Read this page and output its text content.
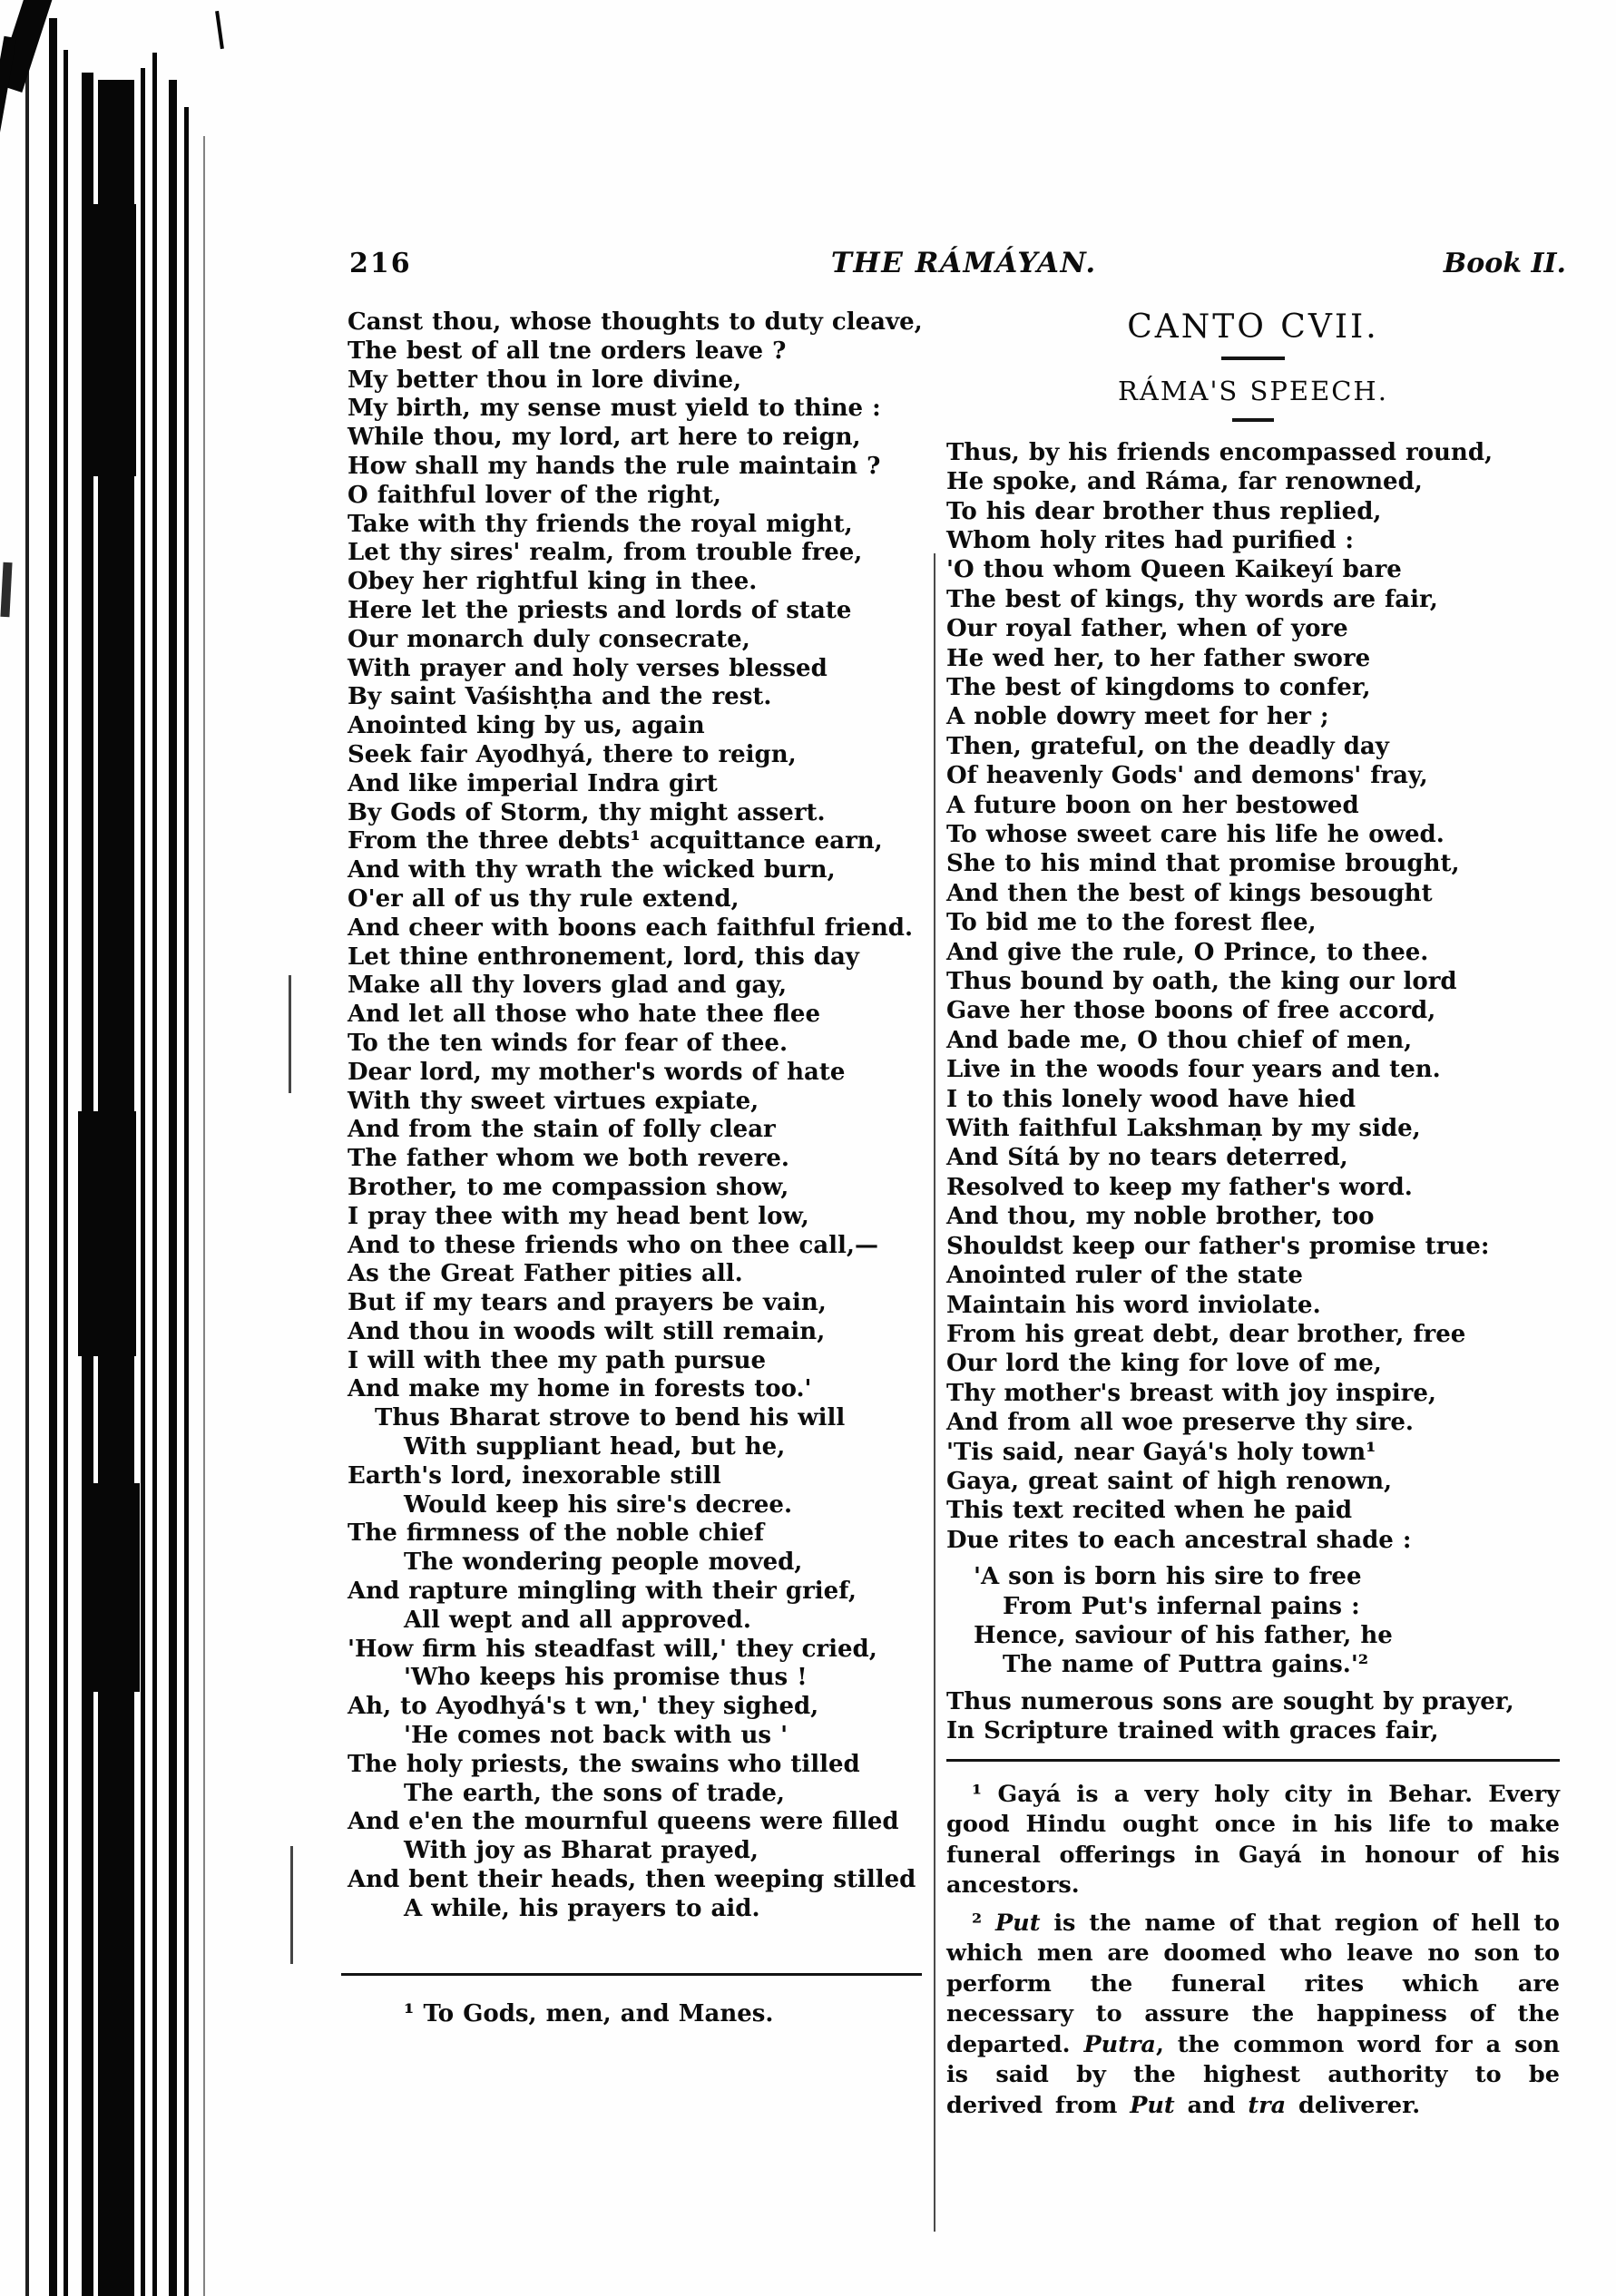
216	THE RÁMÁYAN.	Book II.
Canst thou, whose thoughts to duty cleave,
The best of all tne orders leave ?
My better thou in lore divine,
My birth, my sense must yield to thine :
While thou, my lord, art here to reign,
How shall my hands the rule maintain ?
O faithful lover of the right,
Take with thy friends the royal might,
Let thy sires' realm, from trouble free,
Obey her rightful king in thee.
Here let the priests and lords of state
Our monarch duly consecrate,
With prayer and holy verses blessed
By saint Vaśishṭha and the rest.
Anointed king by us, again
Seek fair Ayodhyá, there to reign,
And like imperial Indra girt
By Gods of Storm, thy might assert.
From the three debts¹ acquittance earn,
And with thy wrath the wicked burn,
O'er all of us thy rule extend,
And cheer with boons each faithful friend.
Let thine enthronement, lord, this day
Make all thy lovers glad and gay,
And let all those who hate thee flee
To the ten winds for fear of thee.
Dear lord, my mother's words of hate
With thy sweet virtues expiate,
And from the stain of folly clear
The father whom we both revere.
Brother, to me compassion show,
I pray thee with my head bent low,
And to these friends who on thee call,—
As the Great Father pities all.
But if my tears and prayers be vain,
And thou in woods wilt still remain,
I will with thee my path pursue
And make my home in forests too.'
Thus Bharat strove to bend his will
With suppliant head, but he,
Earth's lord, inexorable still
Would keep his sire's decree.
The firmness of the noble chief
The wondering people moved,
And rapture mingling with their grief,
All wept and all approved.
'How firm his steadfast will,' they cried,
'Who keeps his promise thus !
Ah, to Ayodhyá's t wn,' they sighed,
'He comes not back with us '
The holy priests, the swains who tilled
The earth, the sons of trade,
And e'en the mournful queens were filled
With joy as Bharat prayed,
And bent their heads, then weeping stilled
A while, his prayers to aid.
¹ To Gods, men, and Manes.
CANTO CVII.
RÁMA'S SPEECH.
Thus, by his friends encompassed round,
He spoke, and Ráma, far renowned,
To his dear brother thus replied,
Whom holy rites had purified :
'O thou whom Queen Kaikeyí bare
The best of kings, thy words are fair,
Our royal father, when of yore
He wed her, to her father swore
The best of kingdoms to confer,
A noble dowry meet for her ;
Then, grateful, on the deadly day
Of heavenly Gods' and demons' fray,
A future boon on her bestowed
To whose sweet care his life he owed.
She to his mind that promise brought,
And then the best of kings besought
To bid me to the forest flee,
And give the rule, O Prince, to thee.
Thus bound by oath, the king our lord
Gave her those boons of free accord,
And bade me, O thou chief of men,
Live in the woods four years and ten.
I to this lonely wood have hied
With faithful Lakshmaṇ by my side,
And Sítá by no tears deterred,
Resolved to keep my father's word.
And thou, my noble brother, too
Shouldst keep our father's promise true:
Anointed ruler of the state
Maintain his word inviolate.
From his great debt, dear brother, free
Our lord the king for love of me,
Thy mother's breast with joy inspire,
And from all woe preserve thy sire.
'Tis said, near Gayá's holy town¹
Gaya, great saint of high renown,
This text recited when he paid
Due rites to each ancestral shade :
'A son is born his sire to free
From Put's infernal pains :
Hence, saviour of his father, he
The name of Puttra gains.'²
Thus numerous sons are sought by prayer,
In Scripture trained with graces fair,

¹ Gayá is a very holy city in Behar. Every good Hindu ought once in his life to make funeral offerings in Gayá in honour of his ancestors.

² Put is the name of that region of hell to which men are doomed who leave no son to perform the funeral rites which are necessary to assure the happiness of the departed. Putra, the common word for a son is said by the highest authority to be derived from Put and tra deliverer.
